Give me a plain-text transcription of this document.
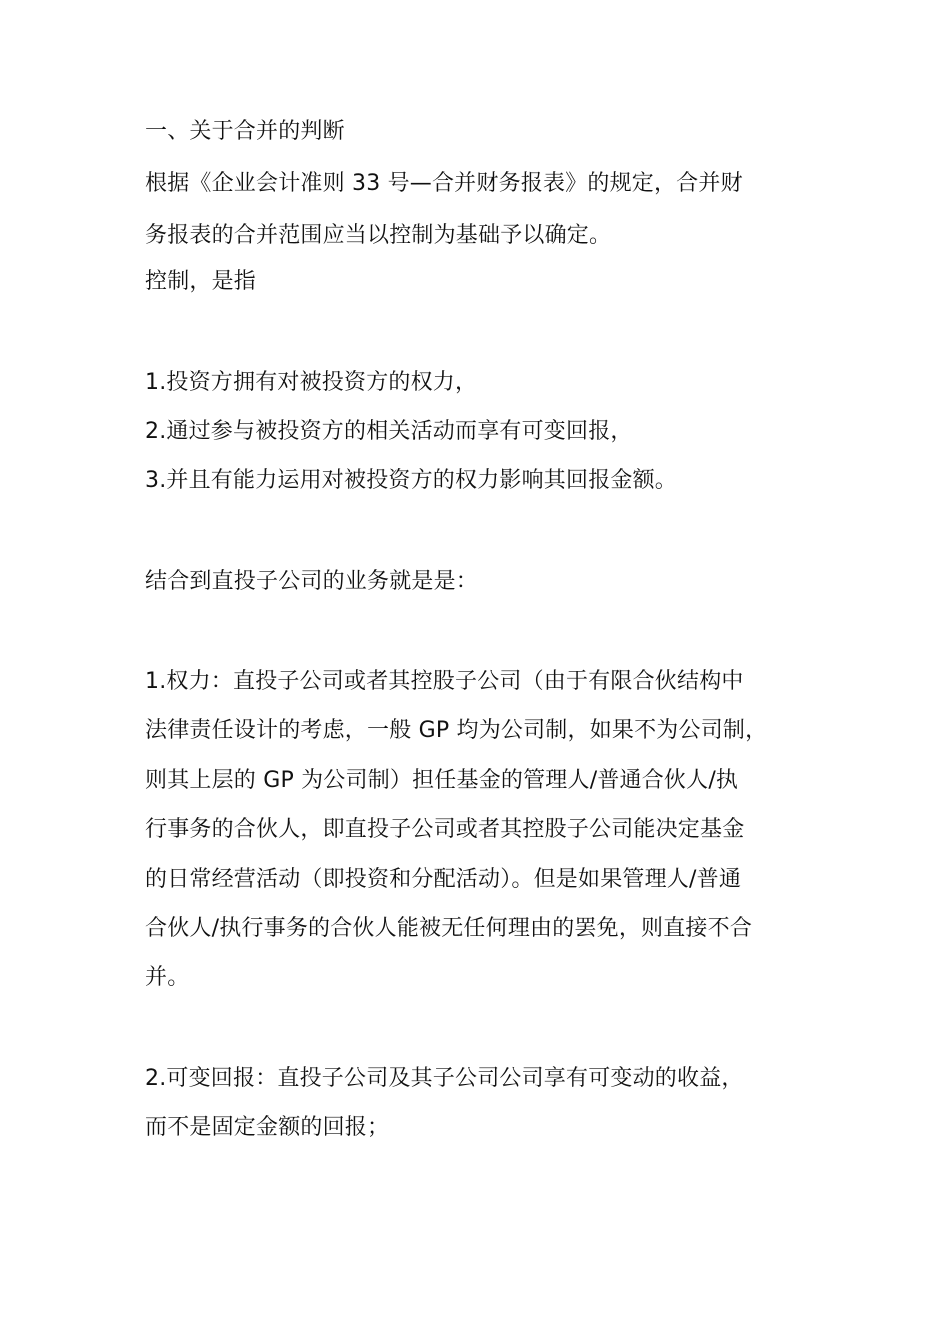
一、关于合并的判断
根据《企业会计准则 33 号—合并财务报表》的规定，合并财
务报表的合并范围应当以控制为基础予以确定。
控制，是指
1.投资方拥有对被投资方的权力，
2.通过参与被投资方的相关活动而享有可变回报，
3.并且有能力运用对被投资方的权力影响其回报金额。
结合到直投子公司的业务就是是：
1.权力：直投子公司或者其控股子公司（由于有限合伙结构中
法律责任设计的考虑，一般 GP 均为公司制，如果不为公司制，
则其上层的 GP 为公司制）担任基金的管理人/普通合伙人/执
行事务的合伙人，即直投子公司或者其控股子公司能决定基金
的日常经营活动（即投资和分配活动）。但是如果管理人/普通
合伙人/执行事务的合伙人能被无任何理由的罢免，则直接不合
并。
2.可变回报：直投子公司及其子公司公司享有可变动的收益，
而不是固定金额的回报；
